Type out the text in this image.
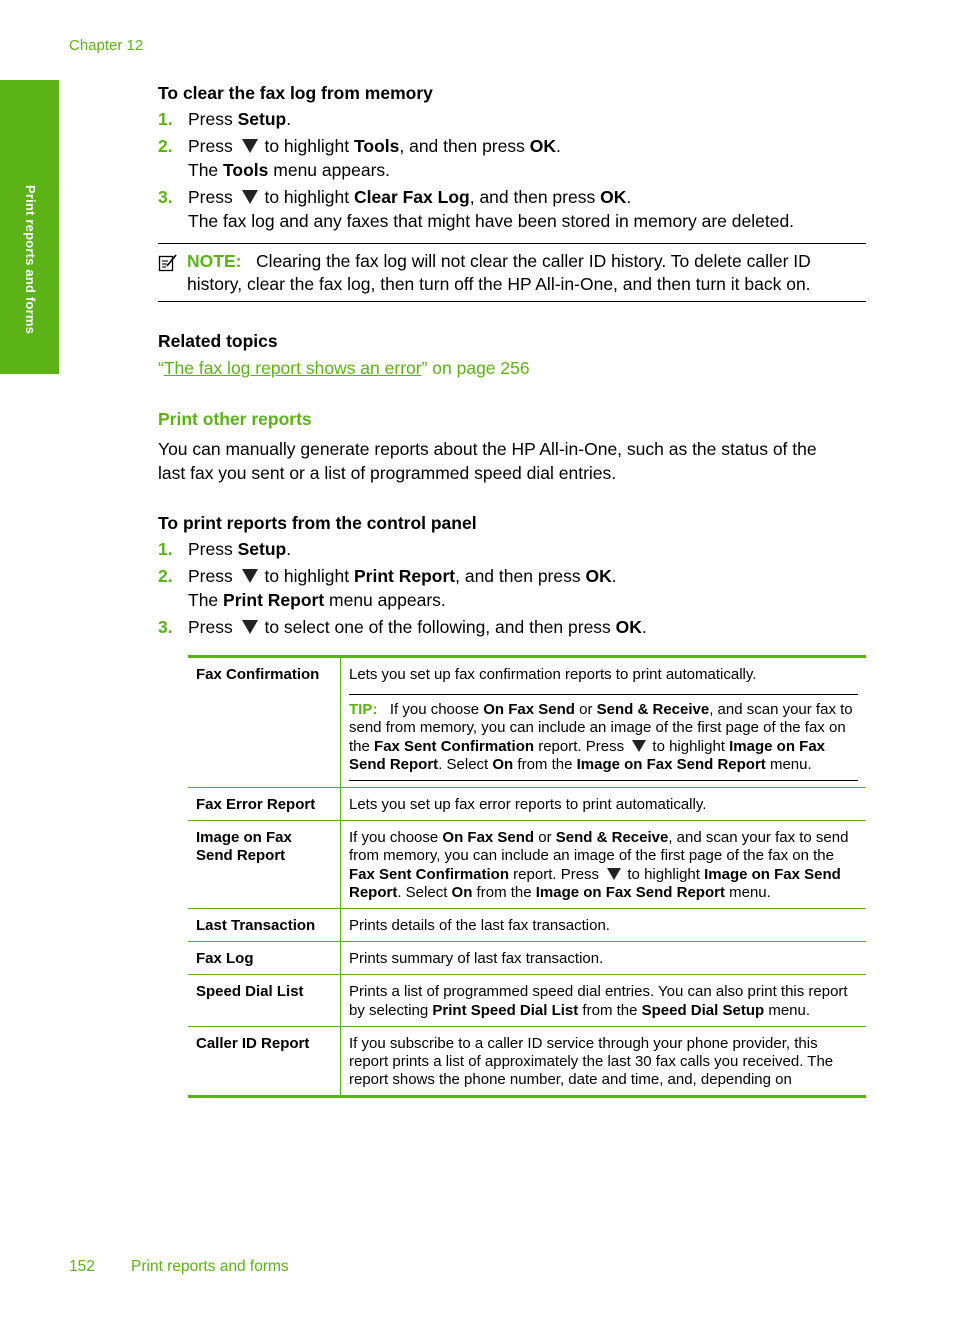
Chapter 12
Print reports and forms
To clear the fax log from memory
1. Press Setup.
2. Press  to highlight Tools, and then press OK.
The Tools menu appears.
3. Press  to highlight Clear Fax Log, and then press OK.
The fax log and any faxes that might have been stored in memory are deleted.
NOTE: Clearing the fax log will not clear the caller ID history. To delete caller ID history, clear the fax log, then turn off the HP All-in-One, and then turn it back on.
Related topics
“The fax log report shows an error” on page 256
Print other reports
You can manually generate reports about the HP All-in-One, such as the status of the
last fax you sent or a list of programmed speed dial entries.
To print reports from the control panel
1. Press Setup.
2. Press  to highlight Print Report, and then press OK.
The Print Report menu appears.
3. Press  to select one of the following, and then press OK.
Fax Confirmation	Lets you set up fax confirmation reports to print automatically.
TIP: If you choose On Fax Send or Send & Receive, and scan your fax to send from memory, you can include an image of the first page of the fax on the Fax Sent Confirmation report. Press  to highlight Image on Fax Send Report. Select On from the Image on Fax Send Report menu.

Fax Error Report	Lets you set up fax error reports to print automatically.
Image on Fax Send Report	If you choose On Fax Send or Send & Receive, and scan your fax to send from memory, you can include an image of the first page of the fax on the Fax Sent Confirmation report. Press  to highlight Image on Fax Send Report. Select On from the Image on Fax Send Report menu.
Last Transaction	Prints details of the last fax transaction.
Fax Log	Prints summary of last fax transaction.
Speed Dial List	Prints a list of programmed speed dial entries. You can also print this report by selecting Print Speed Dial List from the Speed Dial Setup menu.
Caller ID Report	If you subscribe to a caller ID service through your phone provider, this report prints a list of approximately the last 30 fax calls you received. The report shows the phone number, date and time, and, depending on
152 Print reports and forms
